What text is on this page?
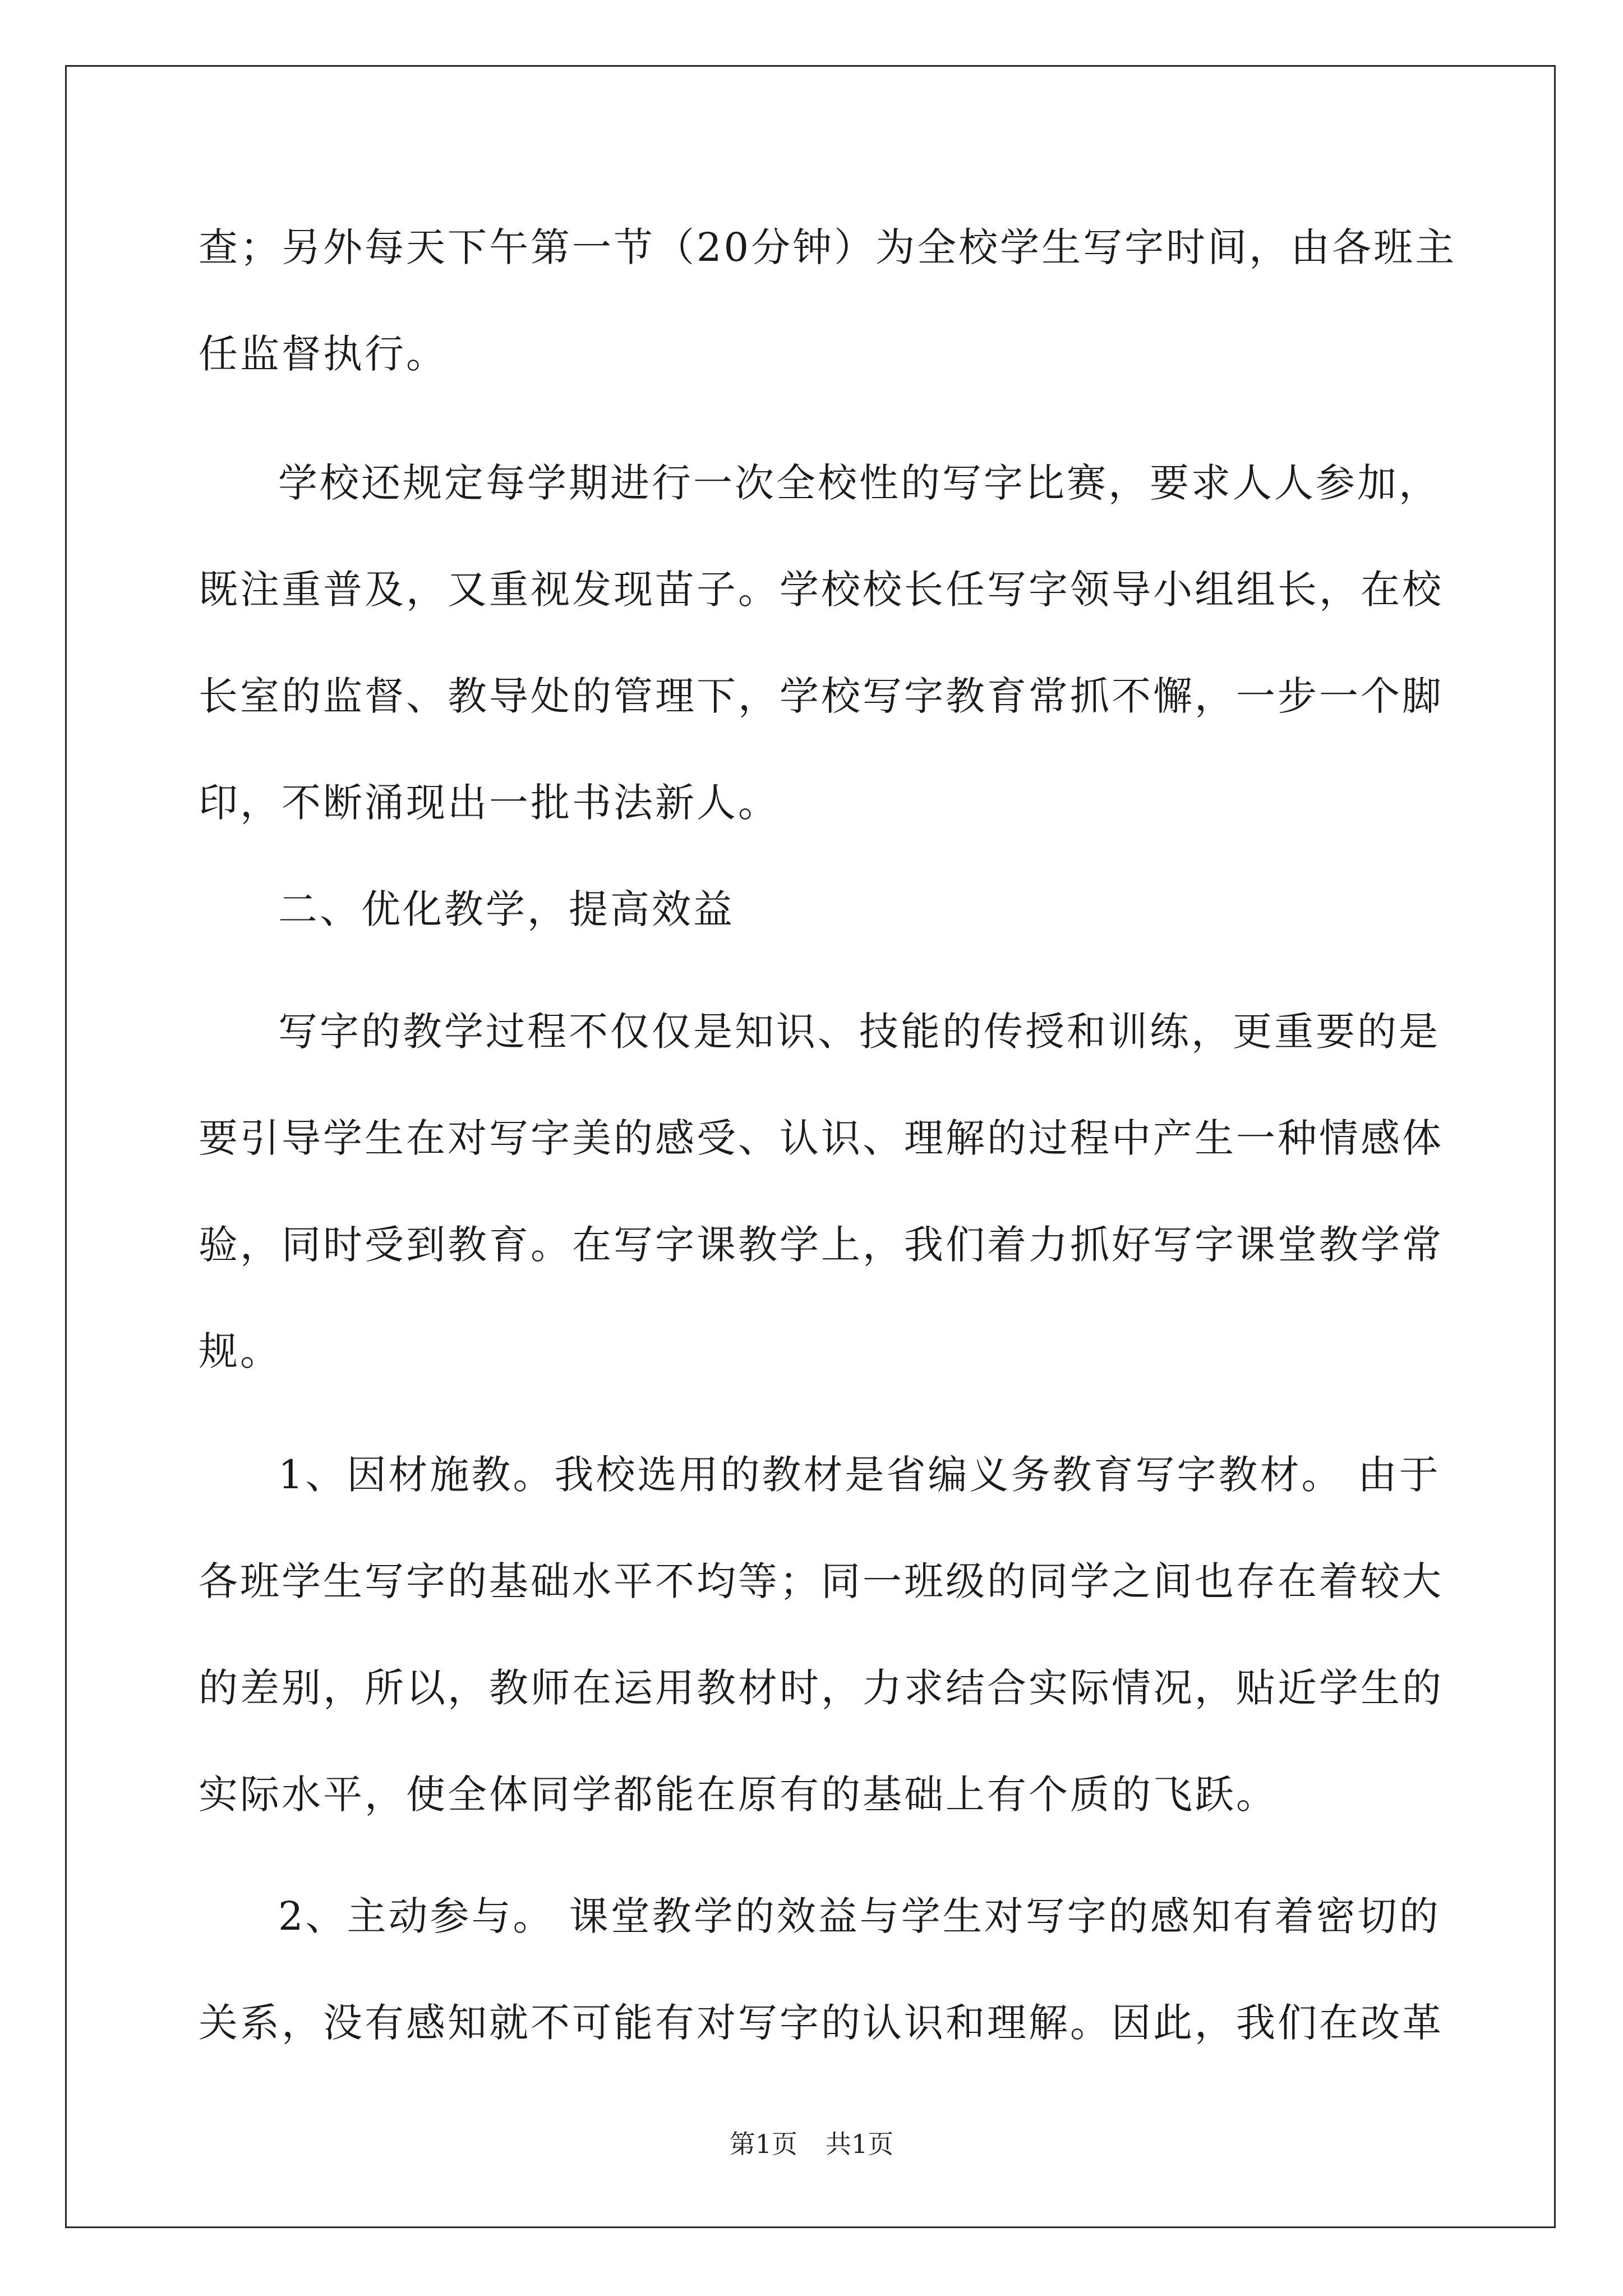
查；另外每天下午第一节（20分钟）为全校学生写字时间，由各班主
任监督执行。
学校还规定每学期进行一次全校性的写字比赛，要求人人参加，
既注重普及，又重视发现苗子。学校校长任写字领导小组组长，在校
长室的监督、教导处的管理下，学校写字教育常抓不懈，一步一个脚
印，不断涌现出一批书法新人。
二、优化教学，提高效益
写字的教学过程不仅仅是知识、技能的传授和训练，更重要的是
要引导学生在对写字美的感受、认识、理解的过程中产生一种情感体
验，同时受到教育。在写字课教学上，我们着力抓好写字课堂教学常
规。
1、因材施教。我校选用的教材是省编义务教育写字教材。 由于
各班学生写字的基础水平不均等；同一班级的同学之间也存在着较大
的差别，所以，教师在运用教材时，力求结合实际情况，贴近学生的
实际水平，使全体同学都能在原有的基础上有个质的飞跃。
2、主动参与。 课堂教学的效益与学生对写字的感知有着密切的
关系，没有感知就不可能有对写字的认识和理解。因此，我们在改革
第1页 共1页
